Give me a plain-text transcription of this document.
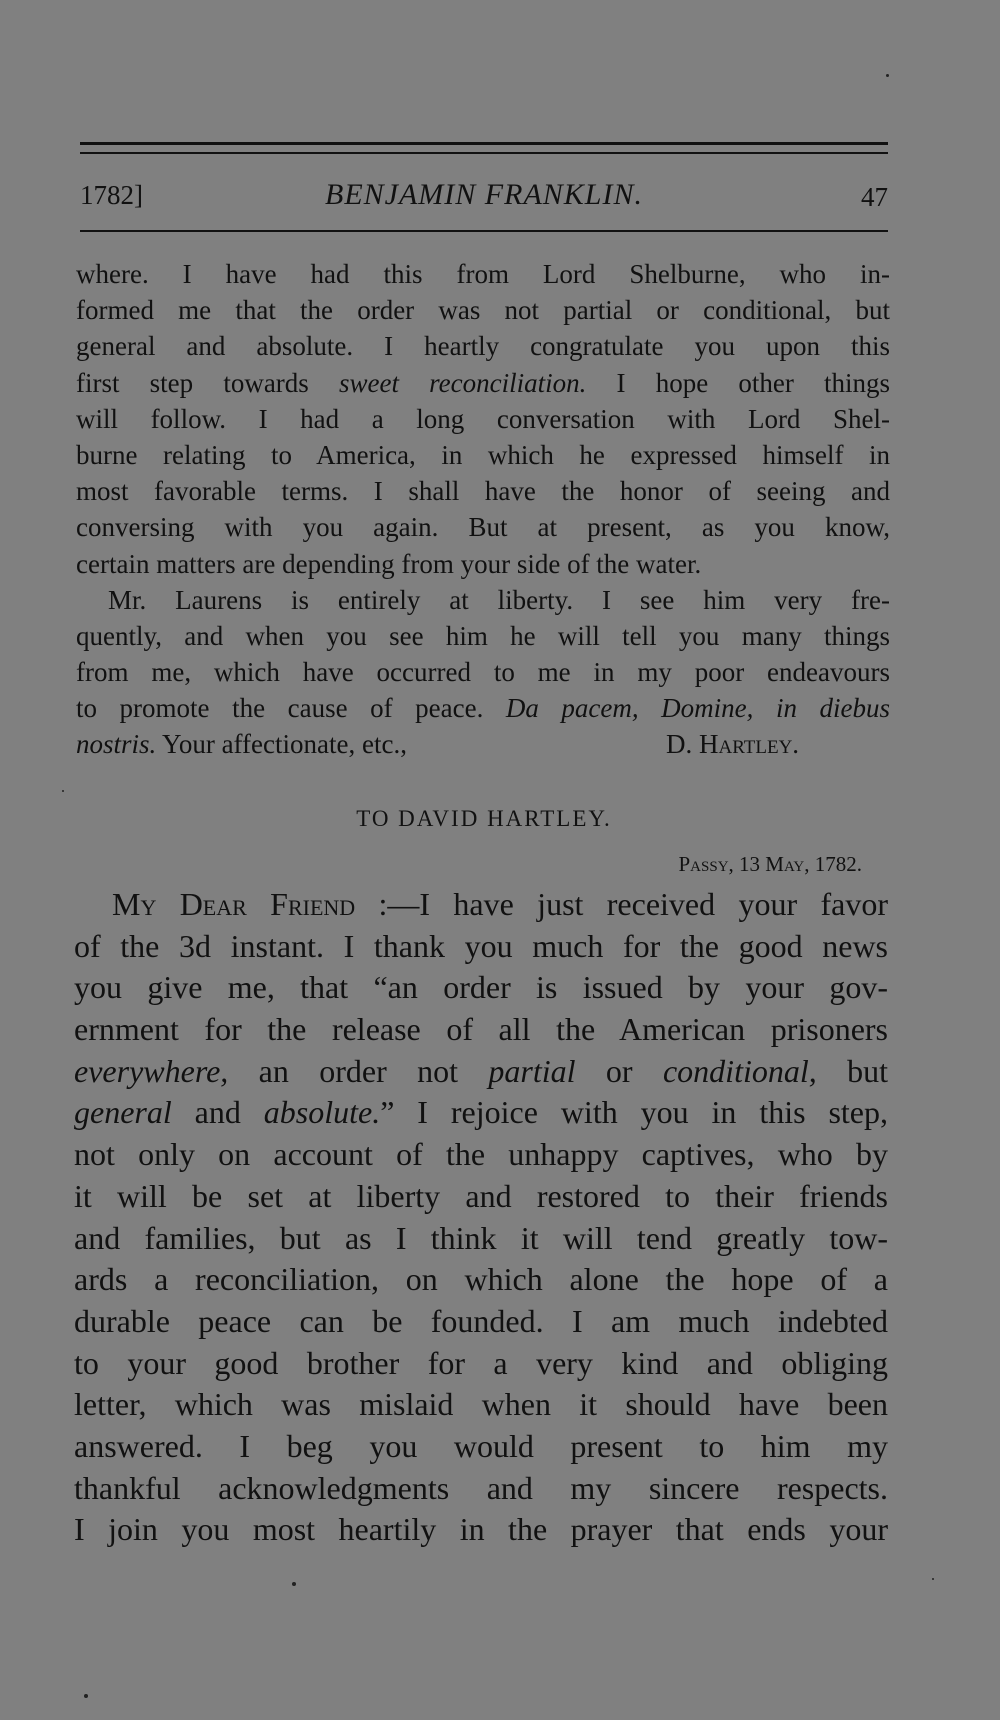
1782]	BENJAMIN FRANKLIN.	47
where. I have had this from Lord Shelburne, who in-
formed me that the order was not partial or conditional, but
general and absolute. I heartly congratulate you upon this
first step towards sweet reconciliation. I hope other things
will follow. I had a long conversation with Lord Shel-
burne relating to America, in which he expressed himself in
most favorable terms. I shall have the honor of seeing and
conversing with you again. But at present, as you know,
certain matters are depending from your side of the water.
Mr. Laurens is entirely at liberty. I see him very fre-
quently, and when you see him he will tell you many things
from me, which have occurred to me in my poor endeavours
to promote the cause of peace. Da pacem, Domine, in diebus
nostris. Your affectionate, etc.,	D. Hartley.
TO DAVID HARTLEY.
Passy, 13 May, 1782.
My Dear Friend :—I have just received your favor
of the 3d instant. I thank you much for the good news
you give me, that “an order is issued by your gov-
ernment for the release of all the American prisoners
everywhere, an order not partial or conditional, but
general and absolute.” I rejoice with you in this step,
not only on account of the unhappy captives, who by
it will be set at liberty and restored to their friends
and families, but as I think it will tend greatly tow-
ards a reconciliation, on which alone the hope of a
durable peace can be founded. I am much indebted
to your good brother for a very kind and obliging
letter, which was mislaid when it should have been
answered. I beg you would present to him my
thankful acknowledgments and my sincere respects.
I join you most heartily in the prayer that ends your
